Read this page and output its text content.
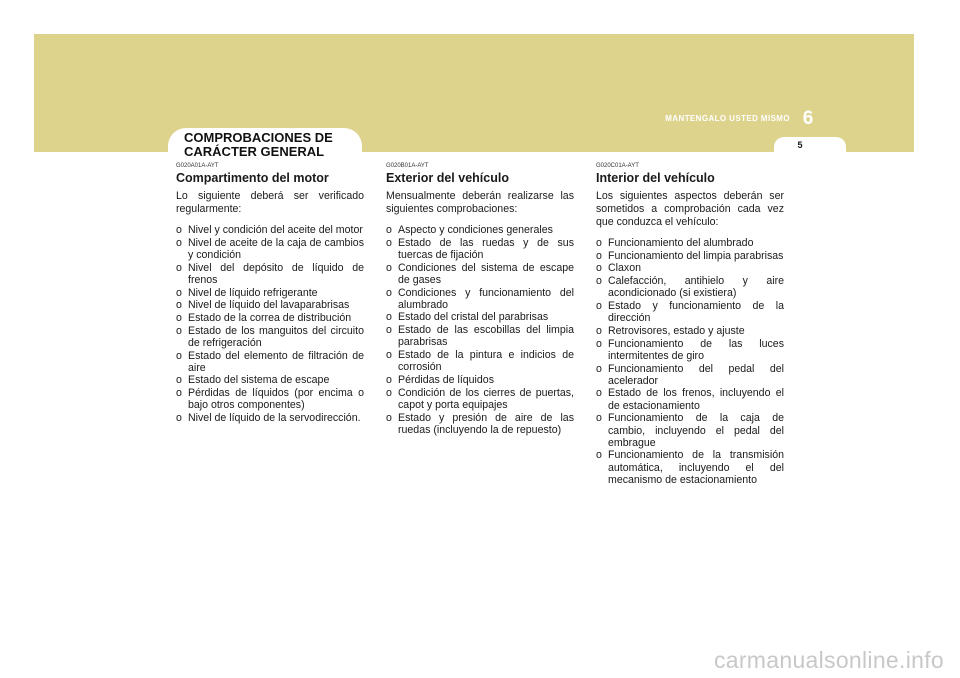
MANTENGALO USTED MISMO 6
5
COMPROBACIONES DE CARÁCTER GENERAL
G020A01A-AYT
Compartimento del motor
Lo siguiente deberá ser verificado regularmente:
o Nivel y condición del aceite del motor
o Nivel de aceite de la caja de cambios y condición
o Nivel del depósito de líquido de frenos
o Nivel de líquido refrigerante
o Nivel de líquido del lavaparabrisas
o Estado de la correa de distribución
o Estado de los manguitos del circuito de refrigeración
o Estado del elemento de filtración de aire
o Estado del sistema de escape
o Pérdidas de líquidos (por encima o bajo otros componentes)
o Nivel de líquido de la servodirección.
G020B01A-AYT
Exterior del vehículo
Mensualmente deberán realizarse las siguientes comprobaciones:
o Aspecto y condiciones generales
o Estado de las ruedas y de sus tuercas de fijación
o Condiciones del sistema de escape de gases
o Condiciones y funcionamiento del alumbrado
o Estado del cristal del parabrisas
o Estado de las escobillas del limpia parabrisas
o Estado de la pintura e indicios de corrosión
o Pérdidas de líquidos
o Condición de los cierres de puertas, capot y porta equipajes
o Estado y presión de aire de las ruedas (incluyendo la de repuesto)
G020C01A-AYT
Interior del vehículo
Los siguientes aspectos deberán ser sometidos a comprobación cada vez que conduzca el vehículo:
o Funcionamiento del alumbrado
o Funcionamiento del limpia parabrisas
o Claxon
o Calefacción, antihielo y aire acondicionado (si existiera)
o Estado y funcionamiento de la dirección
o Retrovisores, estado y ajuste
o Funcionamiento de las luces intermitentes de giro
o Funcionamiento del pedal del acelerador
o Estado de los frenos, incluyendo el de estacionamiento
o Funcionamiento de la caja de cambio, incluyendo el pedal del embrague
o Funcionamiento de la transmisión automática, incluyendo el del mecanismo de estacionamiento
carmanualsonline.info
